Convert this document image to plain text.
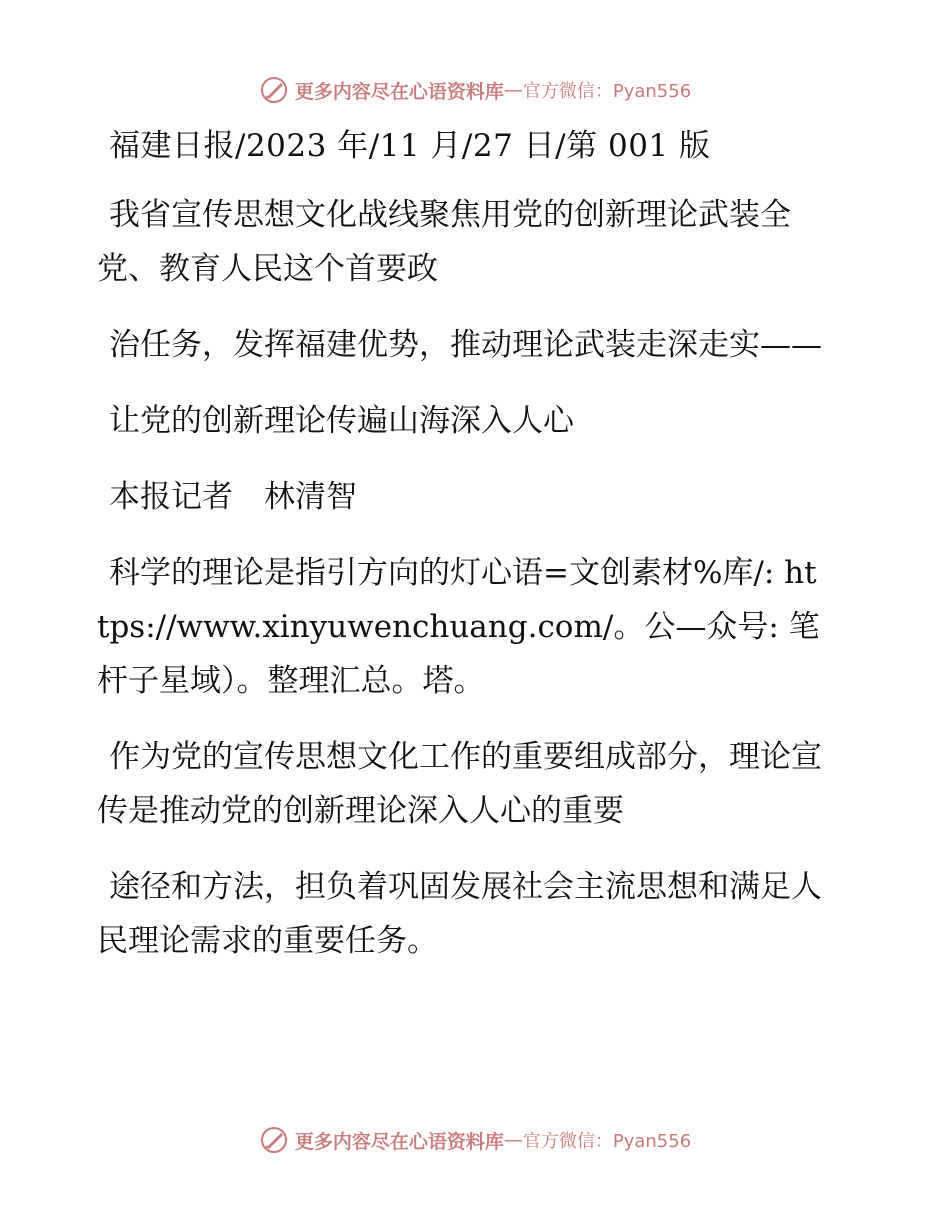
更多内容尽在心语资料库 — 官方微信：Pyan556

福建日报/2023 年/11 月/27 日/第 001 版

我省宣传思想文化战线聚焦用党的创新理论武装全党、教育人民这个首要政

治任务，发挥福建优势，推动理论武装走深走实——

让党的创新理论传遍山海深入人心

本报记者　林清智

科学的理论是指引方向的灯心语=文创素材%库/: https://www.xinyuwenchuang.com/。公—众号: 笔杆子星域）。整理汇总。塔。

作为党的宣传思想文化工作的重要组成部分，理论宣传是推动党的创新理论深入人心的重要

途径和方法，担负着巩固发展社会主流思想和满足人民理论需求的重要任务。

更多内容尽在心语资料库 — 官方微信：Pyan556
